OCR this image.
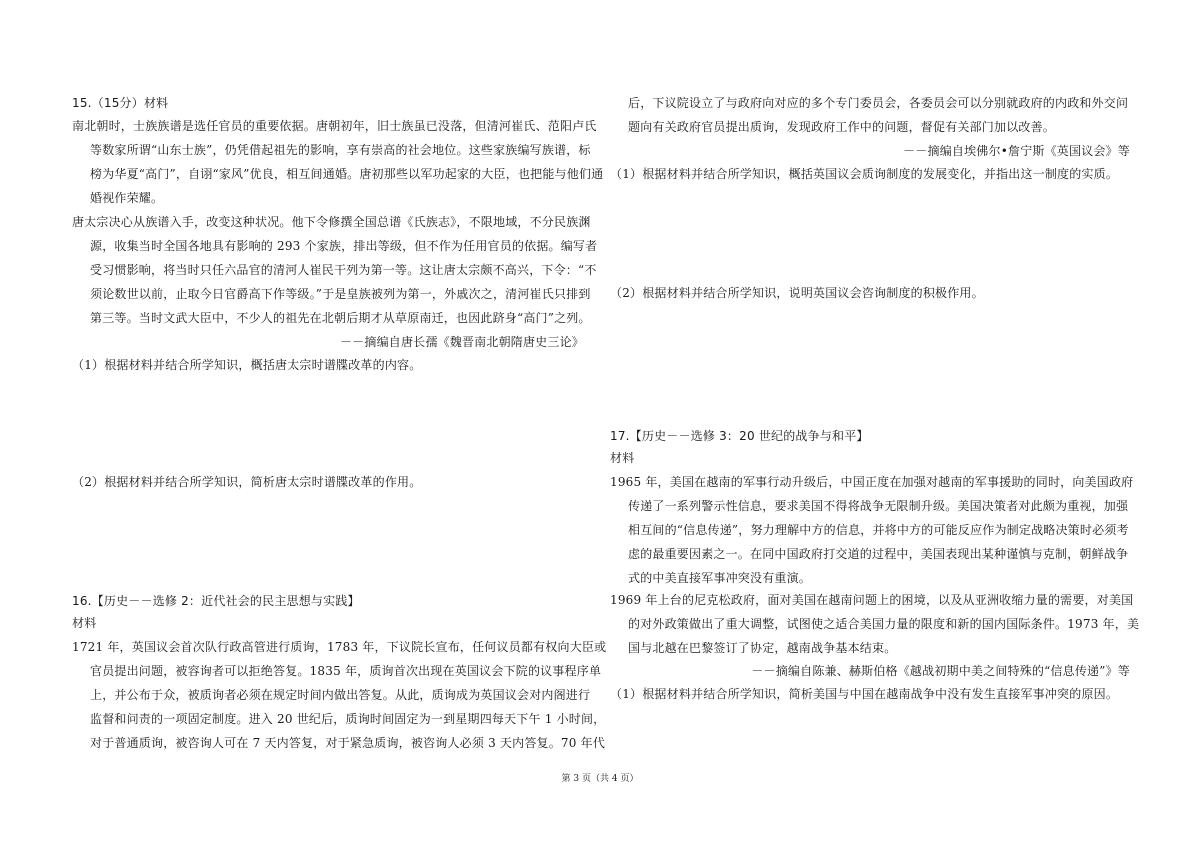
15.（15分）材料
南北朝时，士族族谱是选任官员的重要依据。唐朝初年，旧士族虽已没落，但清河崔氏、范阳卢氏
等数家所谓“山东士族”，仍凭借起祖先的影响，享有崇高的社会地位。这些家族编写族谱，标
榜为华夏“高门”，自诩“家风”优良，相互间通婚。唐初那些以军功起家的大臣，也把能与他们通
婚视作荣耀。
唐太宗决心从族谱入手，改变这种状况。他下令修撰全国总谱《氏族志》，不限地域，不分民族渊
源，收集当时全国各地具有影响的 293 个家族，排出等级，但不作为任用官员的依据。编写者
受习惯影响，将当时只任六品官的清河人崔民干列为第一等。这让唐太宗颇不高兴，下令：“不
须论数世以前，止取今日官爵高下作等级。”于是皇族被列为第一，外戚次之，清河崔氏只排到
第三等。当时文武大臣中，不少人的祖先在北朝后期才从草原南迁，也因此跻身“高门”之列。
－－摘编自唐长孺《魏晋南北朝隋唐史三论》
（1）根据材料并结合所学知识，概括唐太宗时谱牒改革的内容。
（2）根据材料并结合所学知识，简析唐太宗时谱牒改革的作用。
16.【历史－－选修 2：近代社会的民主思想与实践】
材料
1721 年，英国议会首次队行政高管进行质询，1783 年，下议院长宣布，任何议员都有权向大臣或
官员提出问题，被容询者可以拒绝答复。1835 年，质询首次出现在英国议会下院的议事程序单
上，并公布于众，被质询者必须在规定时间内做出答复。从此，质询成为英国议会对内阁进行
监督和问责的一项固定制度。进入 20 世纪后，质询时间固定为一到星期四每天下午 1 小时间，
对于普通质询，被咨询人可在 7 天内答复，对于紧急质询，被咨询人必须 3 天内答复。70 年代
后，下议院设立了与政府向对应的多个专门委员会，各委员会可以分别就政府的内政和外交问
题向有关政府官员提出质询，发现政府工作中的问题，督促有关部门加以改善。
－－摘编自埃佛尔•詹宁斯《英国议会》等
（1）根据材料并结合所学知识，概括英国议会质询制度的发展变化，并指出这一制度的实质。
（2）根据材料并结合所学知识，说明英国议会咨询制度的积极作用。
17.【历史－－选修 3：20 世纪的战争与和平】
材料
1965 年，美国在越南的军事行动升级后，中国正度在加强对越南的军事援助的同时，向美国政府
传递了一系列警示性信息，要求美国不得将战争无限制升级。美国决策者对此颇为重视，加强
相互间的“信息传递”，努力理解中方的信息，并将中方的可能反应作为制定战略决策时必须考
虑的最重要因素之一。在同中国政府打交道的过程中，美国表现出某种谨慎与克制，朝鲜战争
式的中美直接军事冲突没有重演。
1969 年上台的尼克松政府，面对美国在越南问题上的困境，以及从亚洲收缩力量的需要，对美国
的对外政策做出了重大调整，试图使之适合美国力量的限度和新的国内国际条件。1973 年，美
国与北越在巴黎签订了协定，越南战争基本结束。
－－摘编自陈兼、赫斯伯格《越战初期中美之间特殊的“信息传递”》等
（1）根据材料并结合所学知识，简析美国与中国在越南战争中没有发生直接军事冲突的原因。
第 3 页（共 4 页）
